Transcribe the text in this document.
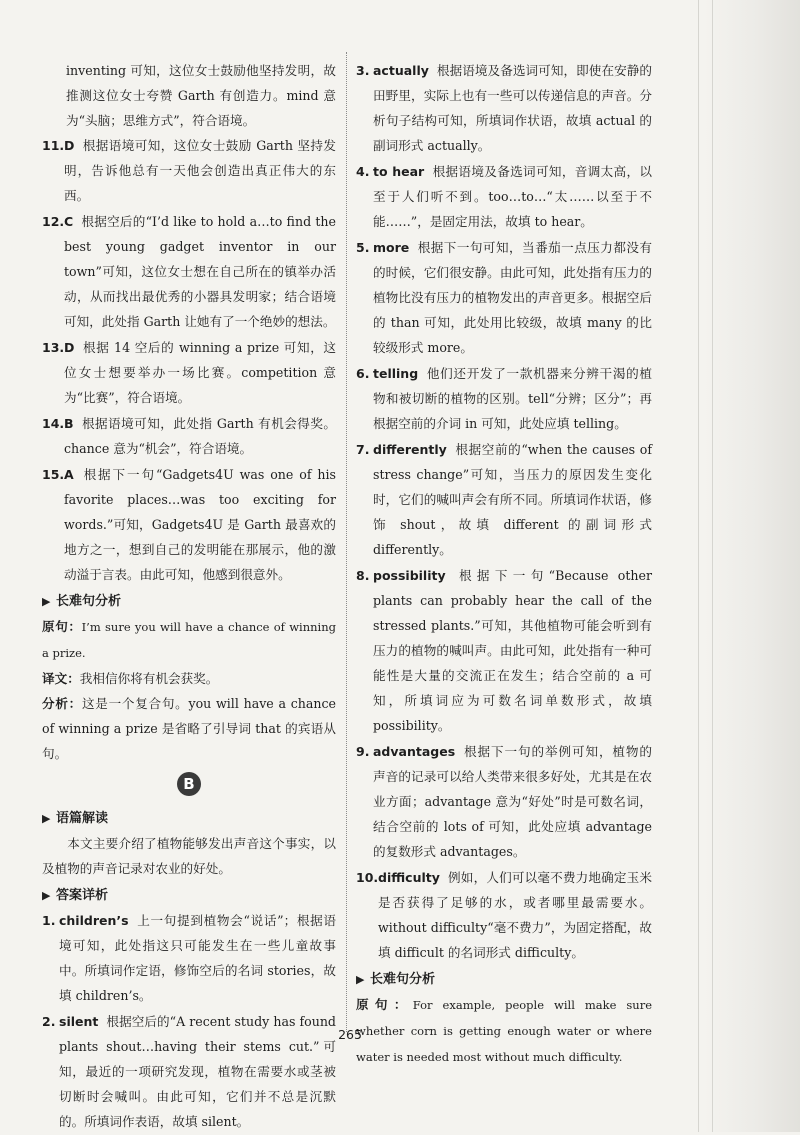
inventing 可知，这位女士鼓励他坚持发明，故推测这位女士夸赞 Garth 有创造力。mind 意为“头脑；思维方式”，符合语境。
11. D 根据语境可知，这位女士鼓励 Garth 坚持发明，告诉他总有一天他会创造出真正伟大的东西。
12. C 根据空后的“I’d like to hold a…to find the best young gadget inventor in our town”可知，这位女士想在自己所在的镇举办活动，从而找出最优秀的小器具发明家；结合语境可知，此处指 Garth 让她有了一个绝妙的想法。
13. D 根据 14 空后的 winning a prize 可知，这位女士想要举办一场比赛。competition 意为“比赛”，符合语境。
14. B 根据语境可知，此处指 Garth 有机会得奖。chance 意为“机会”，符合语境。
15. A 根据下一句“Gadgets4U was one of his favorite places…was too exciting for words.”可知，Gadgets4U 是 Garth 最喜欢的地方之一，想到自己的发明能在那展示，他的激动溢于言表。由此可知，他感到很意外。
▶ 长难句分析
原句：I’m sure you will have a chance of winning a prize.
译文：我相信你将有机会获奖。
分析：这是一个复合句。you will have a chance of winning a prize 是省略了引导词 that 的宾语从句。
B
▶ 语篇解读
本文主要介绍了植物能够发出声音这个事实，以及植物的声音记录对农业的好处。
▶ 答案详析
1. children’s 上一句提到植物会“说话”；根据语境可知，此处指这只可能发生在一些儿童故事中。所填词作定语，修饰空后的名词 stories，故填 children’s。
2. silent 根据空后的“A recent study has found plants shout…having their stems cut.”可知，最近的一项研究发现，植物在需要水或茎被切断时会喊叫。由此可知，它们并不总是沉默的。所填词作表语，故填 silent。
3. actually 根据语境及备选词可知，即使在安静的田野里，实际上也有一些可以传递信息的声音。分析句子结构可知，所填词作状语，故填 actual 的副词形式 actually。
4. to hear 根据语境及备选词可知，音调太高，以至于人们听不到。too…to…“太……以至于不能……”，是固定用法，故填 to hear。
5. more 根据下一句可知，当番茄一点压力都没有的时候，它们很安静。由此可知，此处指有压力的植物比没有压力的植物发出的声音更多。根据空后的 than 可知，此处用比较级，故填 many 的比较级形式 more。
6. telling 他们还开发了一款机器来分辨干渴的植物和被切断的植物的区别。tell“分辨；区分”；再根据空前的介词 in 可知，此处应填 telling。
7. differently 根据空前的“when the causes of stress change”可知，当压力的原因发生变化时，它们的喊叫声会有所不同。所填词作状语，修饰 shout，故填 different 的副词形式 differently。
8. possibility 根据下一句“Because other plants can probably hear the call of the stressed plants.”可知，其他植物可能会听到有压力的植物的喊叫声。由此可知，此处指有一种可能性是大量的交流正在发生；结合空前的 a 可知，所填词应为可数名词单数形式，故填 possibility。
9. advantages 根据下一句的举例可知，植物的声音的记录可以给人类带来很多好处，尤其是在农业方面；advantage 意为“好处”时是可数名词，结合空前的 lots of 可知，此处应填 advantage 的复数形式 advantages。
10. difficulty 例如，人们可以毫不费力地确定玉米是否获得了足够的水，或者哪里最需要水。without difficulty“毫不费力”，为固定搭配，故填 difficult 的名词形式 difficulty。
▶ 长难句分析
原句：For example, people will make sure whether corn is getting enough water or where water is needed most without much difficulty.
265
